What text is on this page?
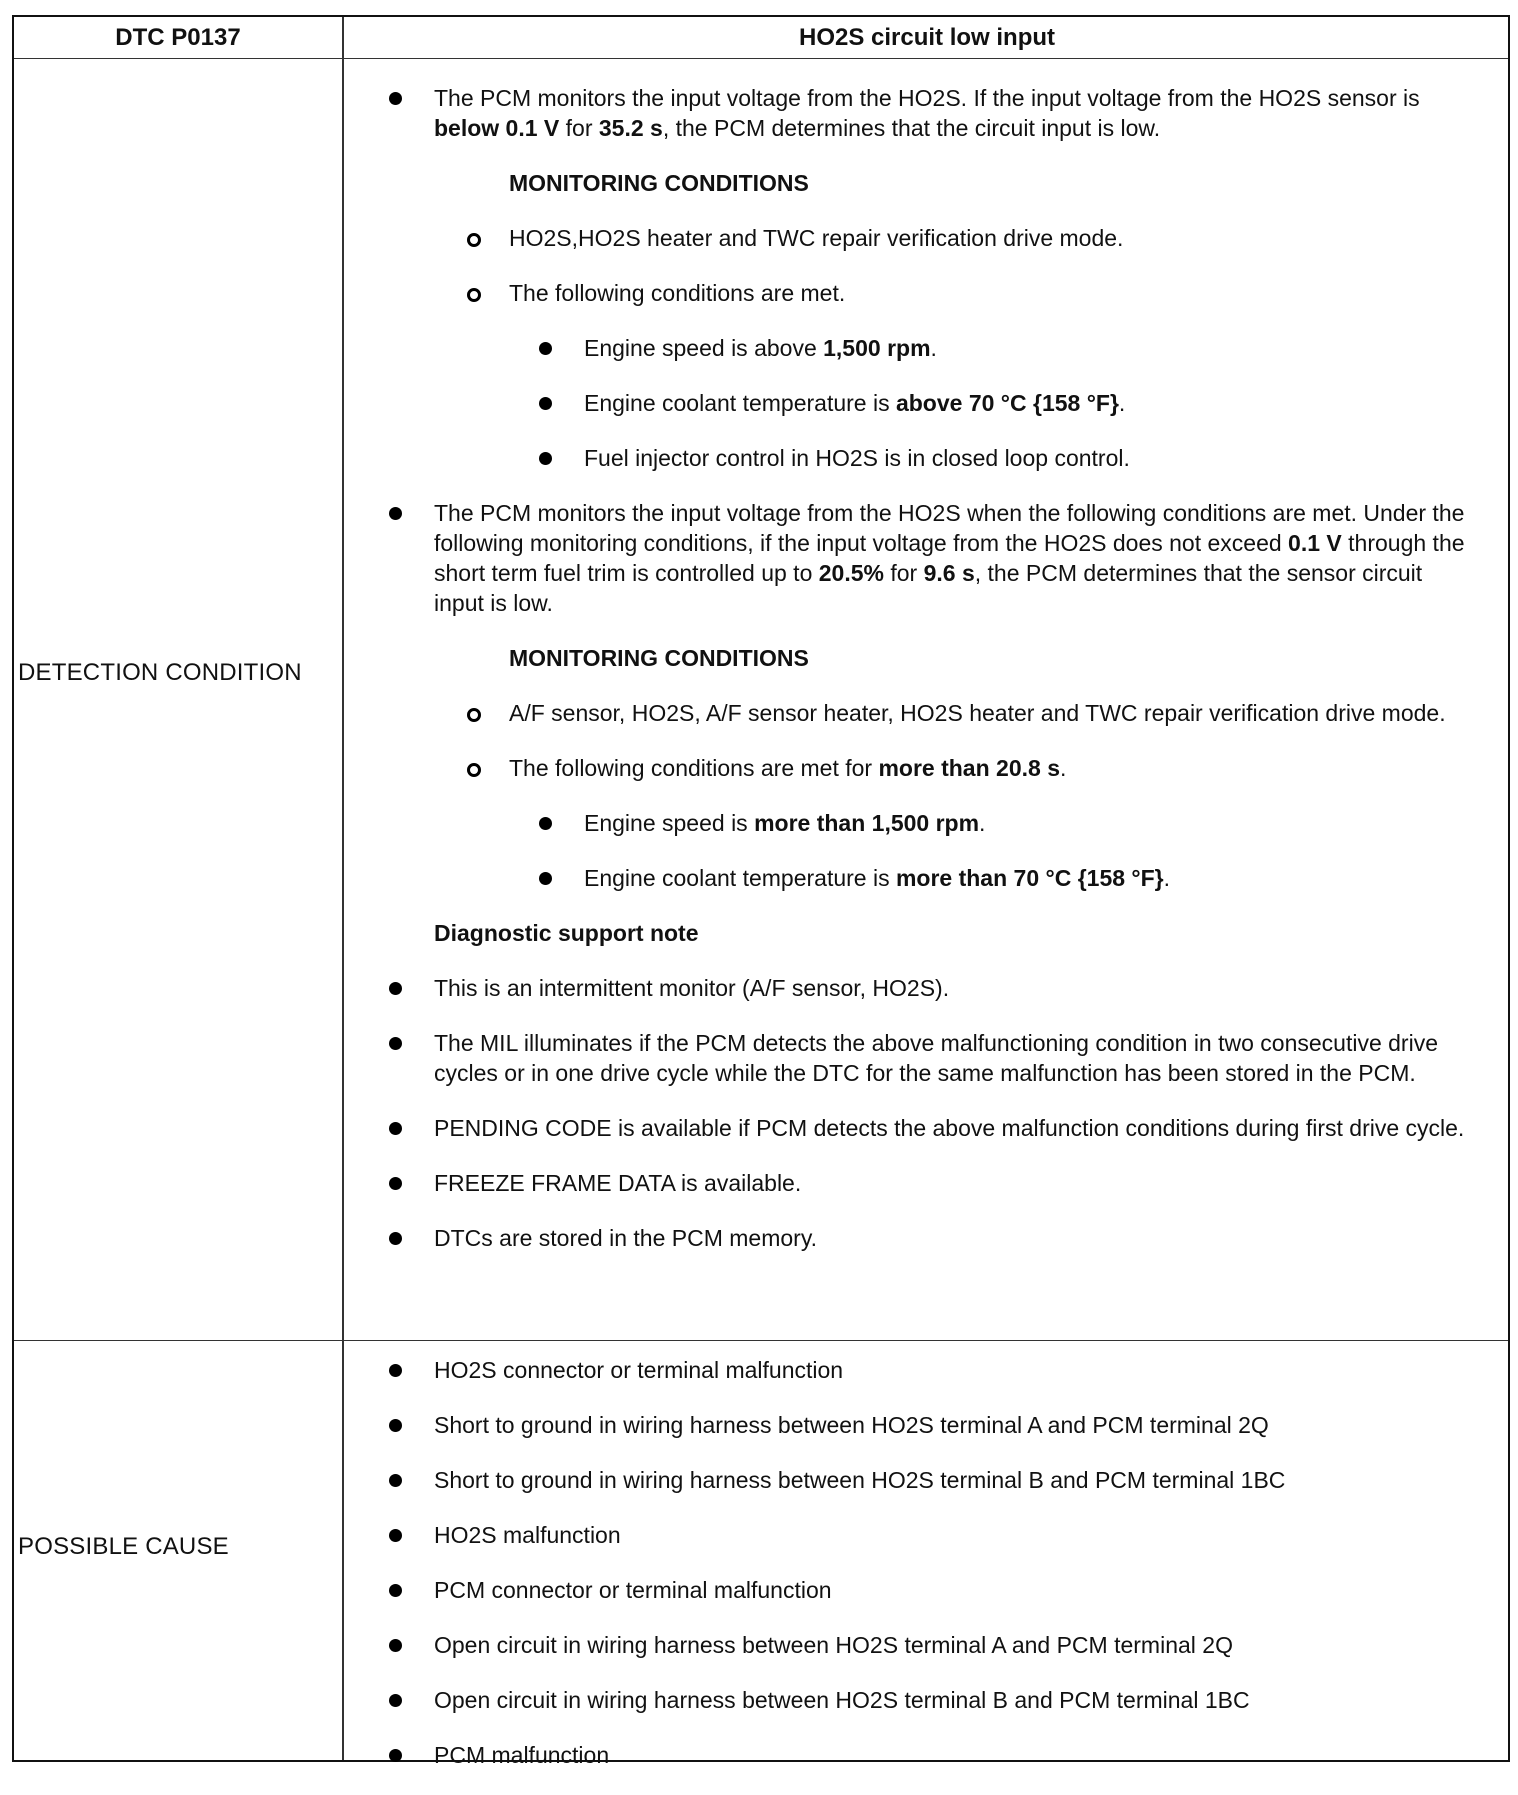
DTC P0137	HO2S circuit low input
DETECTION CONDITION
The PCM monitors the input voltage from the HO2S. If the input voltage from the HO2S sensor is below 0.1 V for 35.2 s, the PCM determines that the circuit input is low.
MONITORING CONDITIONS
HO2S,HO2S heater and TWC repair verification drive mode.
The following conditions are met.
Engine speed is above 1,500 rpm.
Engine coolant temperature is above 70 °C {158 °F}.
Fuel injector control in HO2S is in closed loop control.
The PCM monitors the input voltage from the HO2S when the following conditions are met. Under the following monitoring conditions, if the input voltage from the HO2S does not exceed 0.1 V through the short term fuel trim is controlled up to 20.5% for 9.6 s, the PCM determines that the sensor circuit input is low.
MONITORING CONDITIONS
A/F sensor, HO2S, A/F sensor heater, HO2S heater and TWC repair verification drive mode.
The following conditions are met for more than 20.8 s.
Engine speed is more than 1,500 rpm.
Engine coolant temperature is more than 70 °C {158 °F}.
Diagnostic support note
This is an intermittent monitor (A/F sensor, HO2S).
The MIL illuminates if the PCM detects the above malfunctioning condition in two consecutive drive cycles or in one drive cycle while the DTC for the same malfunction has been stored in the PCM.
PENDING CODE is available if PCM detects the above malfunction conditions during first drive cycle.
FREEZE FRAME DATA is available.
DTCs are stored in the PCM memory.
POSSIBLE CAUSE
HO2S connector or terminal malfunction
Short to ground in wiring harness between HO2S terminal A and PCM terminal 2Q
Short to ground in wiring harness between HO2S terminal B and PCM terminal 1BC
HO2S malfunction
PCM connector or terminal malfunction
Open circuit in wiring harness between HO2S terminal A and PCM terminal 2Q
Open circuit in wiring harness between HO2S terminal B and PCM terminal 1BC
PCM malfunction
